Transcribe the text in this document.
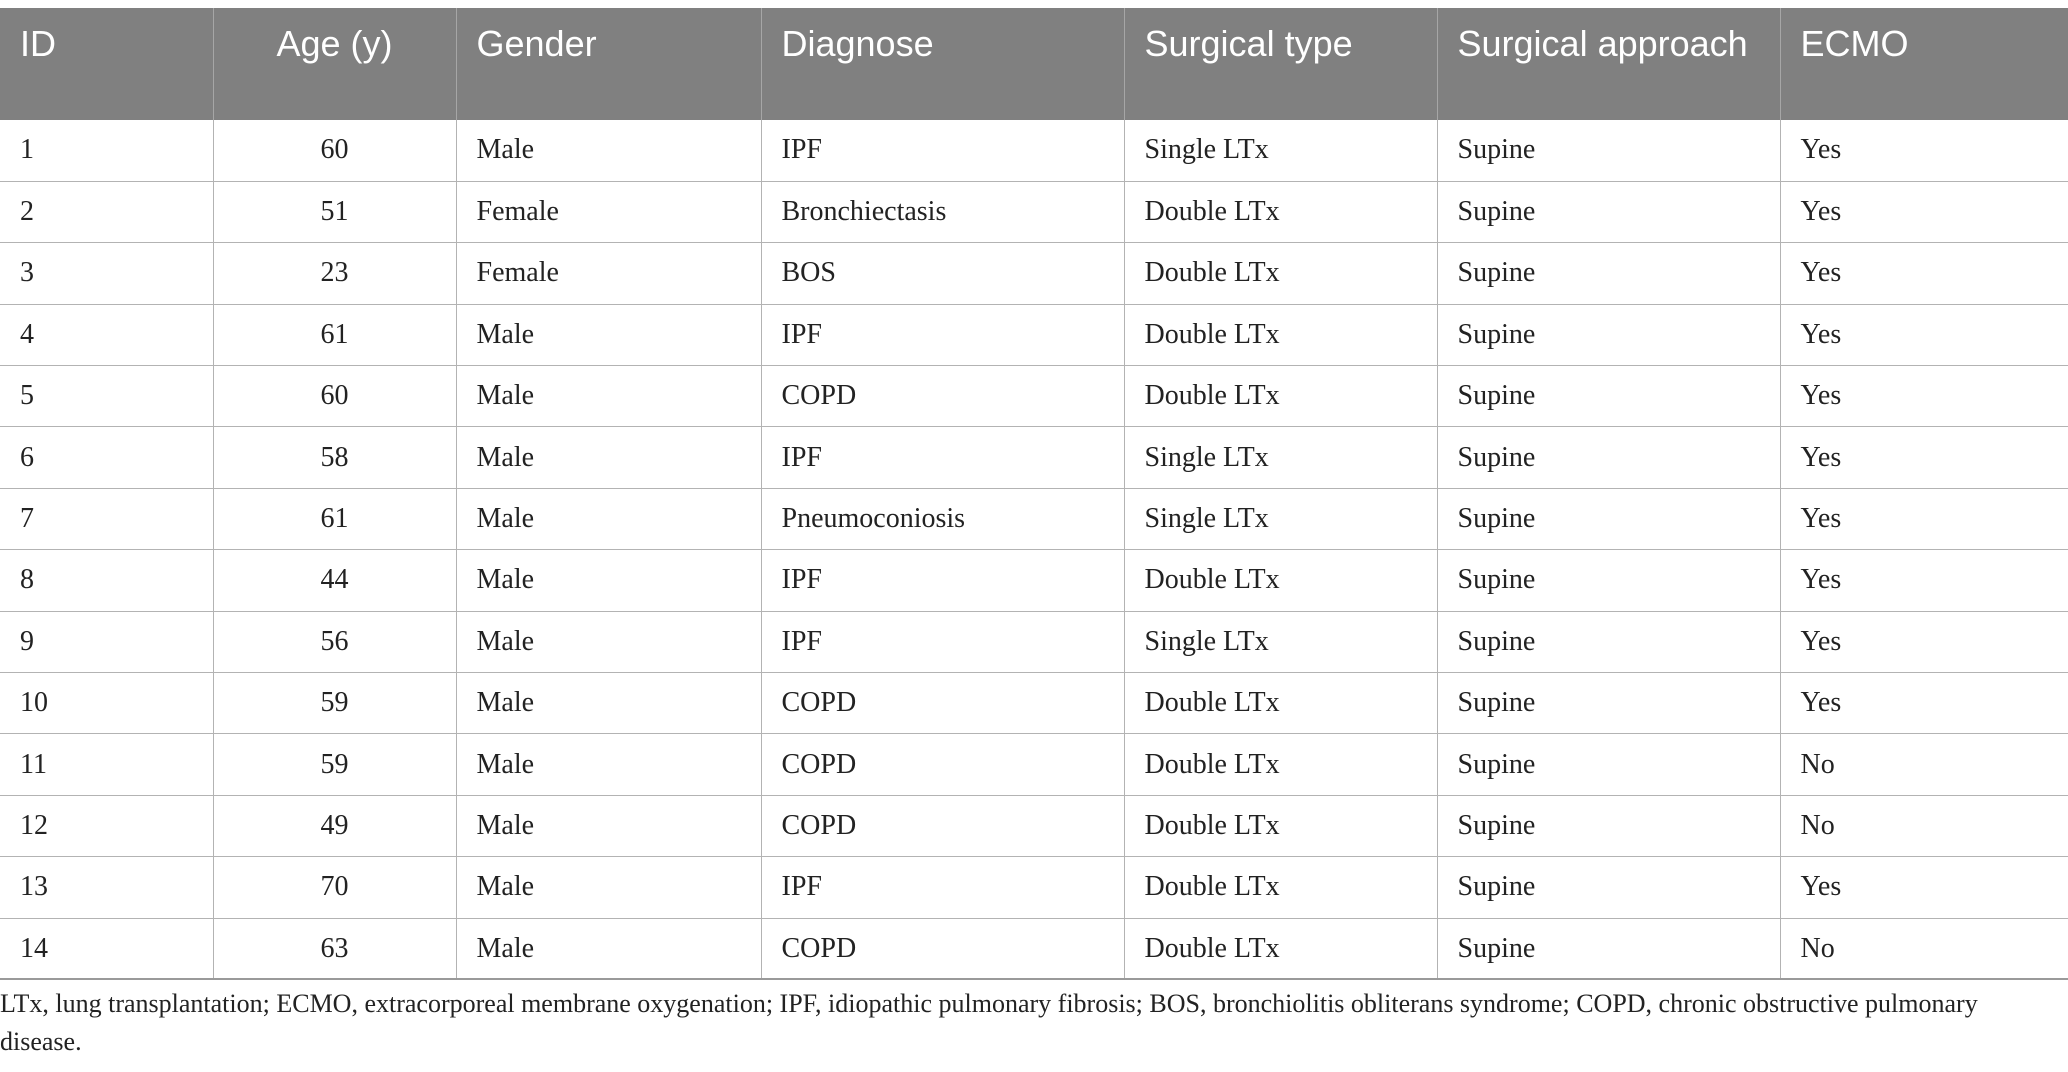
ID	Age (y)	Gender	Diagnose	Surgical type	Surgical approach	ECMO
1	60	Male	IPF	Single LTx	Supine	Yes
2	51	Female	Bronchiectasis	Double LTx	Supine	Yes
3	23	Female	BOS	Double LTx	Supine	Yes
4	61	Male	IPF	Double LTx	Supine	Yes
5	60	Male	COPD	Double LTx	Supine	Yes
6	58	Male	IPF	Single LTx	Supine	Yes
7	61	Male	Pneumoconiosis	Single LTx	Supine	Yes
8	44	Male	IPF	Double LTx	Supine	Yes
9	56	Male	IPF	Single LTx	Supine	Yes
10	59	Male	COPD	Double LTx	Supine	Yes
11	59	Male	COPD	Double LTx	Supine	No
12	49	Male	COPD	Double LTx	Supine	No
13	70	Male	IPF	Double LTx	Supine	Yes
14	63	Male	COPD	Double LTx	Supine	No
LTx, lung transplantation; ECMO, extracorporeal membrane oxygenation; IPF, idiopathic pulmonary fibrosis; BOS, bronchiolitis obliterans syndrome; COPD, chronic obstructive pulmonary disease.
